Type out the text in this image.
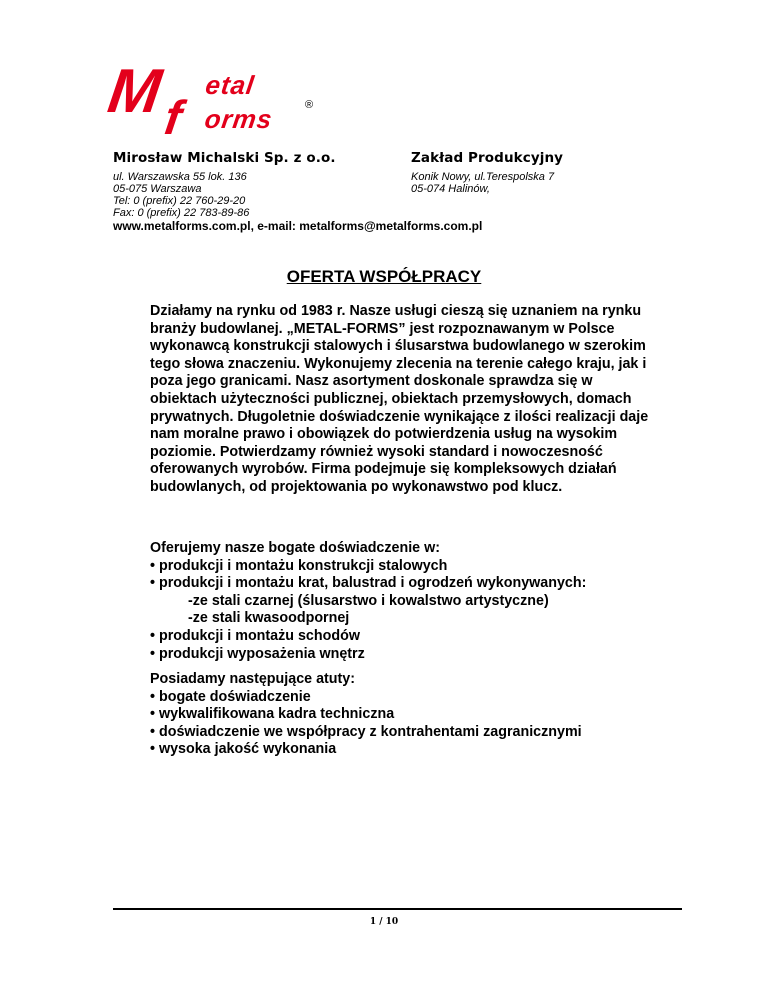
M
f
etal
orms	®
Mirosław Michalski Sp. z o.o.	Zakład Produkcyjny
ul. Warszawska 55 lok. 136
05-075 Warszawa
Tel: 0 (prefix) 22 760-29-20
Fax: 0 (prefix) 22 783-89-86
Konik Nowy, ul.Terespolska 7
05-074 Halinów,
www.metalforms.com.pl, e-mail: metalforms@metalforms.com.pl
OFERTA WSPÓŁPRACY

Działamy na rynku od 1983 r. Nasze usługi cieszą się uznaniem na rynku branży budowlanej. „METAL-FORMS” jest rozpoznawanym w Polsce wykonawcą konstrukcji stalowych i ślusarstwa budowlanego w szerokim tego słowa znaczeniu. Wykonujemy zlecenia na terenie całego kraju, jak i poza jego granicami. Nasz asortyment doskonale sprawdza się w obiektach użyteczności publicznej, obiektach przemysłowych, domach prywatnych. Długoletnie doświadczenie wynikające z ilości realizacji daje nam moralne prawo i obowiązek do potwierdzenia usług na wysokim poziomie. Potwierdzamy również wysoki standard i nowoczesność oferowanych wyrobów. Firma podejmuje się kompleksowych działań budowlanych, od projektowania po wykonawstwo pod klucz.

Oferujemy nasze bogate doświadczenie w:
• produkcji i montażu konstrukcji stalowych
• produkcji i montażu krat, balustrad i ogrodzeń wykonywanych:
-ze stali czarnej (ślusarstwo i kowalstwo artystyczne)
-ze stali kwasoodpornej
• produkcji i montażu schodów
• produkcji wyposażenia wnętrz
Posiadamy następujące atuty:
• bogate doświadczenie
• wykwalifikowana kadra techniczna
• doświadczenie we współpracy z kontrahentami zagranicznymi
• wysoka jakość wykonania
1 / 10
